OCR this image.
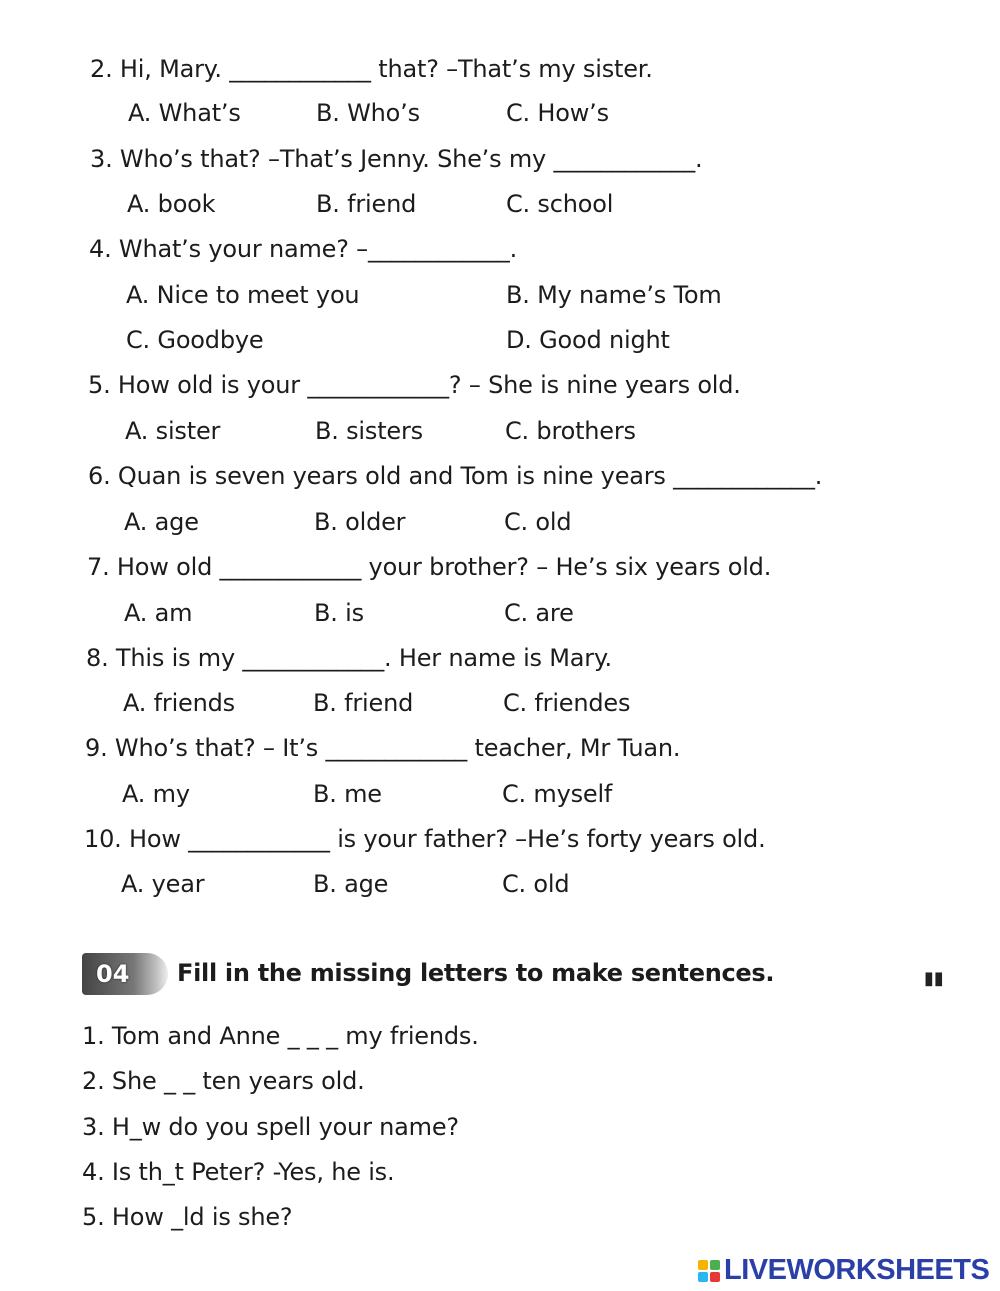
2. Hi, Mary. ____________ that? –That’s my sister.
A. What’s	B. Who’s	C. How’s
3. Who’s that? –That’s Jenny. She’s my ____________.
A. book	B. friend	C. school
4. What’s your name? –____________.
A. Nice to meet you	B. My name’s Tom
C. Goodbye	D. Good night
5. How old is your ____________? – She is nine years old.
A. sister	B. sisters	C. brothers
6. Quan is seven years old and Tom is nine years ____________.
A. age	B. older	C. old
7. How old ____________ your brother? – He’s six years old.
A. am	B. is	C. are
8. This is my ____________. Her name is Mary.
A. friends	B. friend	C. friendes
9. Who’s that? – It’s ____________ teacher, Mr Tuan.
A. my	B. me	C. myself
10. How ____________ is your father? –He’s forty years old.
A. year	B. age	C. old
04 Fill in the missing letters to make sentences.	▮▮
1. Tom and Anne _ _ _ my friends.
2. She _ _ ten years old.
3. H_w do you spell your name?
4. Is th_t Peter? -Yes, he is.
5. How _ld is she?
LIVEWORKSHEETS
